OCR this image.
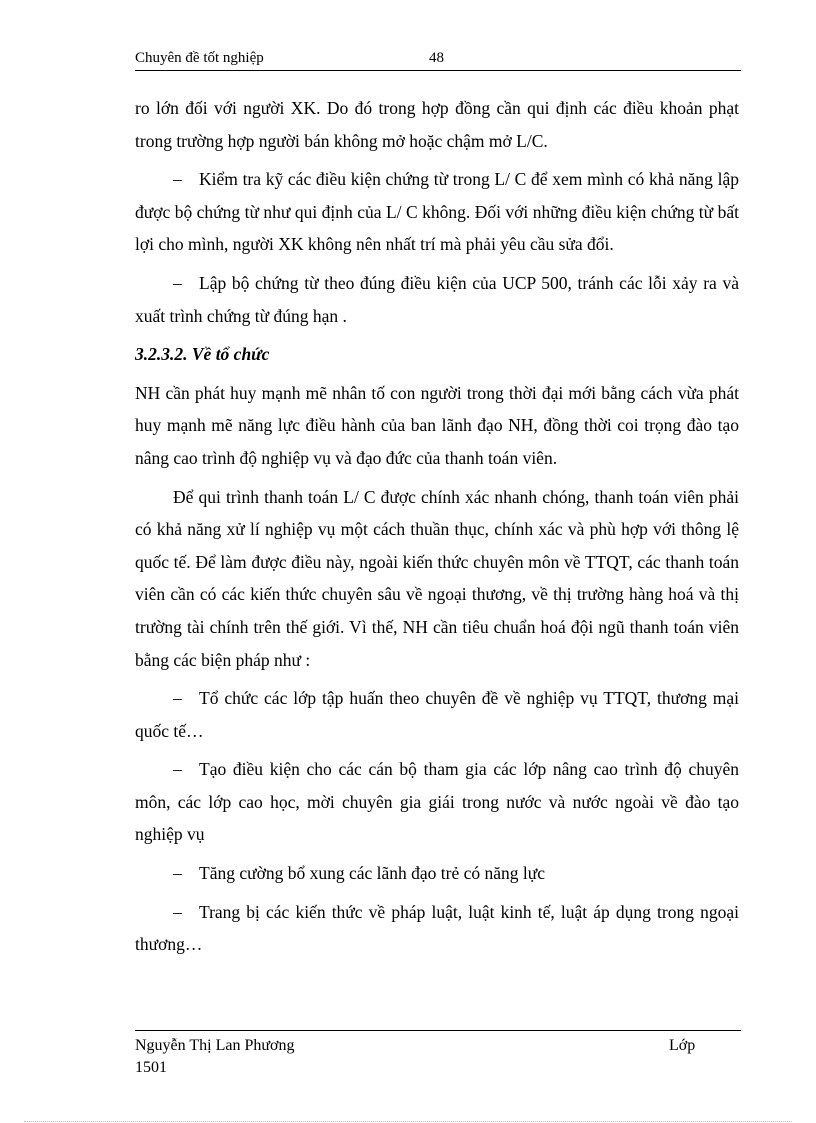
Chuyên đề tốt nghiệp	48

ro lớn đối với người XK. Do đó trong hợp đồng cần qui định các điều khoản phạt trong trường hợp người bán không mở hoặc chậm mở L/C.

– Kiểm tra kỹ các điều kiện chứng từ trong L/ C để xem mình có khả năng lập được bộ chứng từ như qui định của L/ C không. Đối với những điều kiện chứng từ bất lợi cho mình, người XK không nên nhất trí mà phải yêu cầu sửa đổi.

– Lập bộ chứng từ theo đúng điều kiện của UCP 500, tránh các lỗi xảy ra và xuất trình chứng từ đúng hạn .

3.2.3.2. Về tổ chức

NH cần phát huy mạnh mẽ nhân tố con người trong thời đại mới bằng cách vừa phát huy mạnh mẽ năng lực điều hành của ban lãnh đạo NH, đồng thời coi trọng đào tạo nâng cao trình độ nghiệp vụ và đạo đức của thanh toán viên.

Để qui trình thanh toán L/ C được chính xác nhanh chóng, thanh toán viên phải có khả năng xử lí nghiệp vụ một cách thuần thục, chính xác và phù hợp với thông lệ quốc tế. Để làm được điều này, ngoài kiến thức chuyên môn về TTQT, các thanh toán viên cần có các kiến thức chuyên sâu về ngoại thương, về thị trường hàng hoá và thị trường tài chính trên thế giới. Vì thế, NH cần tiêu chuẩn hoá đội ngũ thanh toán viên bằng các biện pháp như :

– Tổ chức các lớp tập huấn theo chuyên đề về nghiệp vụ TTQT, thương mại quốc tế…

– Tạo điều kiện cho các cán bộ tham gia các lớp nâng cao trình độ chuyên môn, các lớp cao học, mời chuyên gia giái trong nước và nước ngoài về đào tạo nghiệp vụ

– Tăng cường bổ xung các lãnh đạo trẻ có năng lực

– Trang bị các kiến thức về pháp luật, luật kinh tế, luật áp dụng trong ngoại thương…

Nguyễn Thị Lan Phương	Lớp
1501
